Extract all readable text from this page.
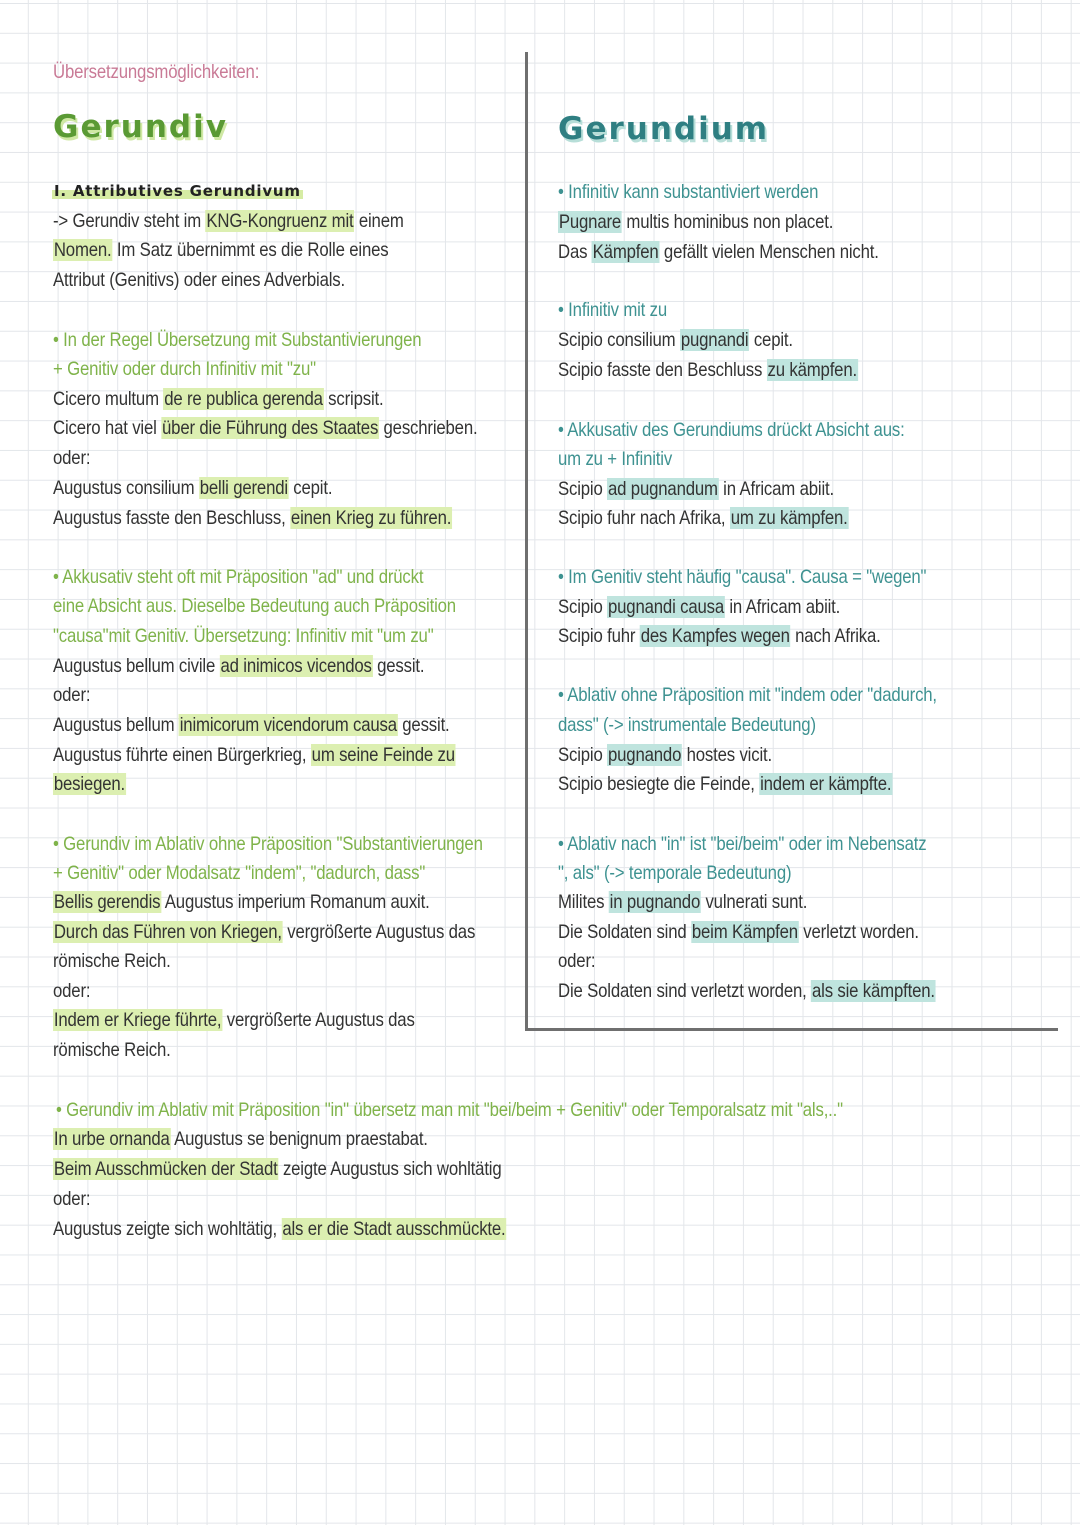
Übersetzungsmöglichkeiten:
Gerundiv
I. Attributives Gerundivum
-> Gerundiv steht im KNG-Kongruenz mit einem
Nomen. Im Satz übernimmt es die Rolle eines
Attribut (Genitivs) oder eines Adverbials.
• In der Regel Übersetzung mit Substantivierungen
+ Genitiv oder durch Infinitiv mit "zu"
Cicero multum de re publica gerenda scripsit.
Cicero hat viel über die Führung des Staates geschrieben.
oder:
Augustus consilium belli gerendi cepit.
Augustus fasste den Beschluss, einen Krieg zu führen.
• Akkusativ steht oft mit Präposition "ad" und drückt
eine Absicht aus. Dieselbe Bedeutung auch Präposition
"causa"mit Genitiv. Übersetzung: Infinitiv mit "um zu"
Augustus bellum civile ad inimicos vicendos gessit.
oder:
Augustus bellum inimicorum vicendorum causa gessit.
Augustus führte einen Bürgerkrieg, um seine Feinde zu
besiegen.
• Gerundiv im Ablativ ohne Präposition "Substantivierungen
+ Genitiv" oder Modalsatz "indem", "dadurch, dass"
Bellis gerendis Augustus imperium Romanum auxit.
Durch das Führen von Kriegen, vergrößerte Augustus das
römische Reich.
oder:
Indem er Kriege führte, vergrößerte Augustus das
römische Reich.
Gerundium
• Infinitiv kann substantiviert werden
Pugnare multis hominibus non placet.
Das Kämpfen gefällt vielen Menschen nicht.
• Infinitiv mit zu
Scipio consilium pugnandi cepit.
Scipio fasste den Beschluss zu kämpfen.
• Akkusativ des Gerundiums drückt Absicht aus:
um zu + Infinitiv
Scipio ad pugnandum in Africam abiit.
Scipio fuhr nach Afrika, um zu kämpfen.
• Im Genitiv steht häufig "causa". Causa = "wegen"
Scipio pugnandi causa in Africam abiit.
Scipio fuhr des Kampfes wegen nach Afrika.
• Ablativ ohne Präposition mit "indem oder "dadurch,
dass" (-> instrumentale Bedeutung)
Scipio pugnando hostes vicit.
Scipio besiegte die Feinde, indem er kämpfte.
• Ablativ nach "in" ist "bei/beim" oder im Nebensatz
", als" (-> temporale Bedeutung)
Milites in pugnando vulnerati sunt.
Die Soldaten sind beim Kämpfen verletzt worden.
oder:
Die Soldaten sind verletzt worden, als sie kämpften.
• Gerundiv im Ablativ mit Präposition "in" übersetz man mit "bei/beim + Genitiv" oder Temporalsatz mit "als,.."
In urbe ornanda Augustus se benignum praestabat.
Beim Ausschmücken der Stadt zeigte Augustus sich wohltätig
oder:
Augustus zeigte sich wohltätig, als er die Stadt ausschmückte.
